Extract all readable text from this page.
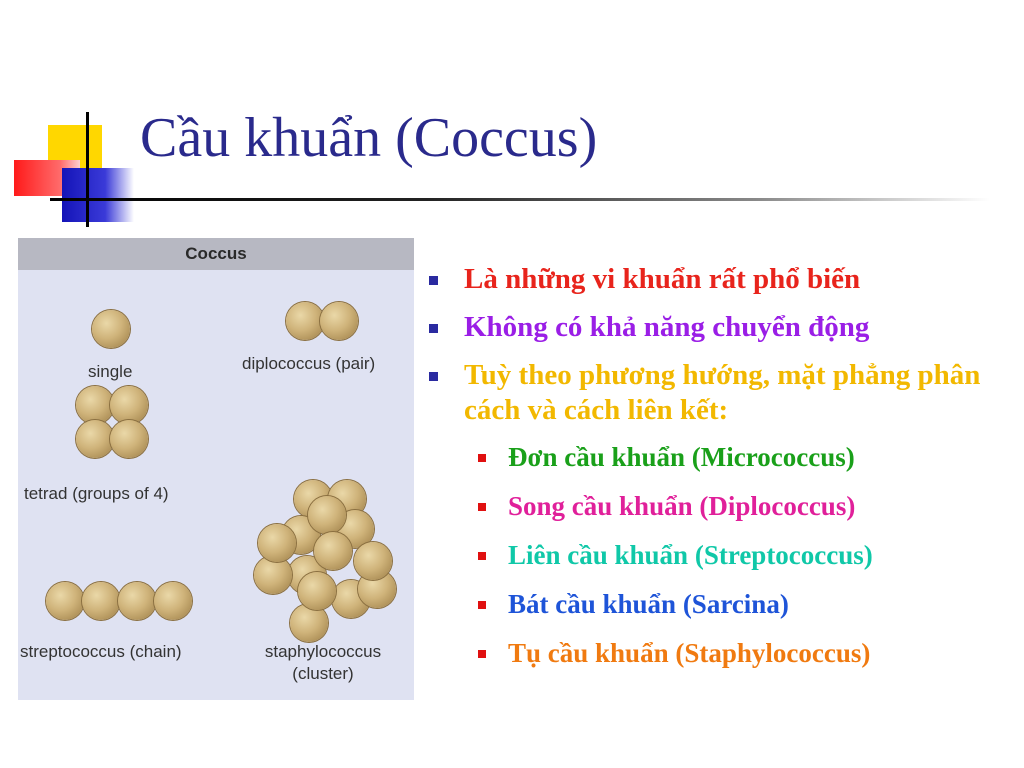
Cầu khuẩn (Coccus)
Coccus
single	diplococcus (pair)
tetrad (groups of 4)
staphylococcus
(cluster)
streptococcus (chain)
Là những vi khuẩn rất phổ biến
Không có khả năng chuyển động
Tuỳ theo phương hướng, mặt phẳng phân cách và cách liên kết:
Đơn cầu khuẩn (Micrococcus)
Song cầu khuẩn (Diplococcus)
Liên cầu khuẩn (Streptococcus)
Bát cầu khuẩn (Sarcina)
Tụ cầu khuẩn (Staphylococcus)
